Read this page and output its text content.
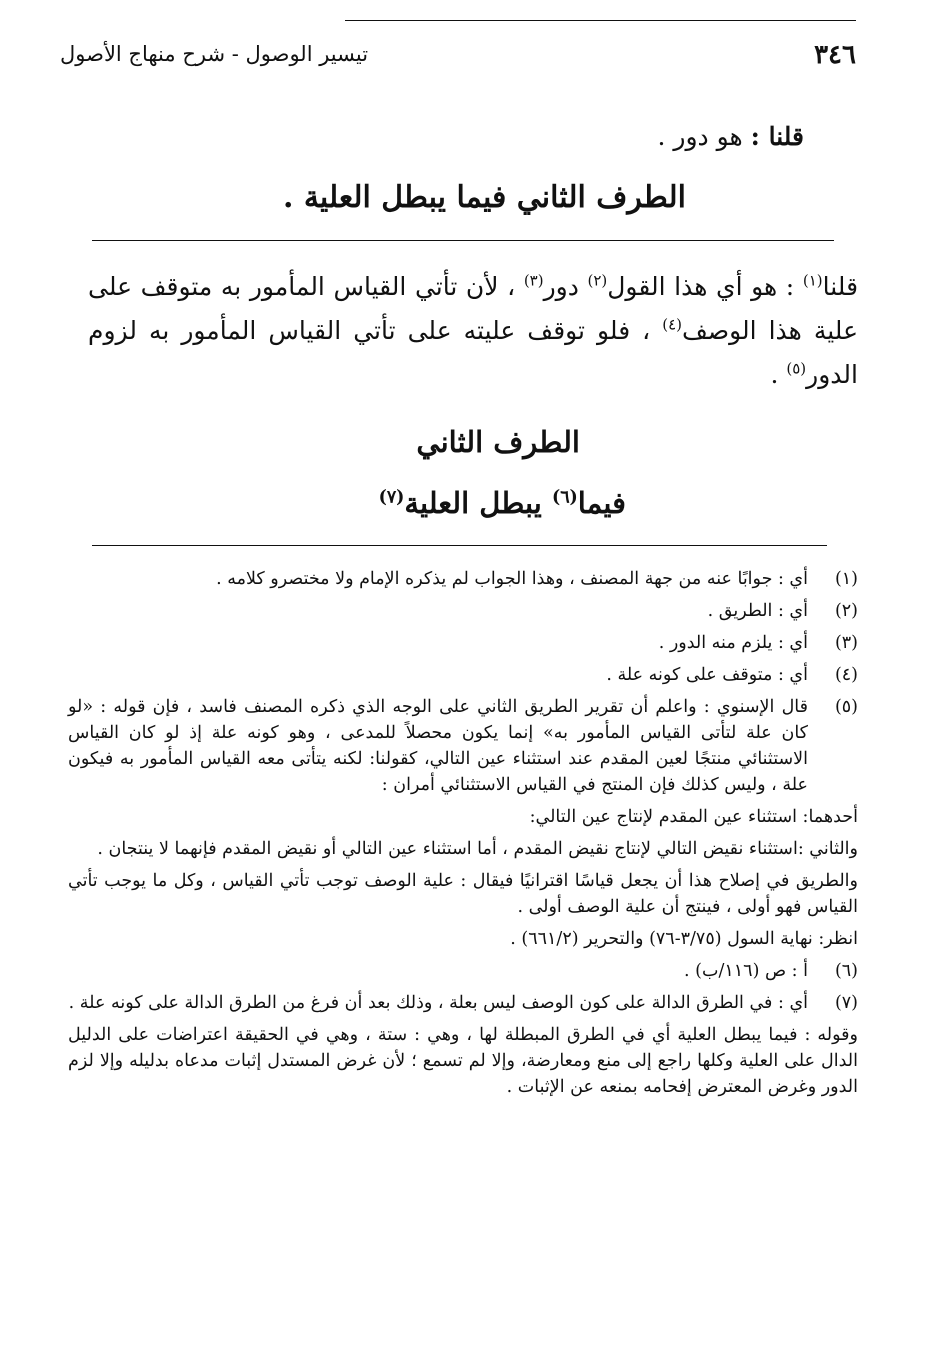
٣٤٦
تيسير الوصول - شرح منهاج الأصول
قلنا : هو دور .
الطرف الثاني فيما يبطل العلية .

قلنا$^{(١)}$ : هو أي هذا القول$^{(٢)}$ دور$^{(٣)}$ ، لأن تأتي القياس المأمور به متوقف على علية هذا الوصف$^{(٤)}$ ، فلو توقف عليته على تأتي القياس المأمور به لزوم الدور$^{(٥)}$ .

الطرف الثاني
فيما$^{(٦)}$ يبطل العلية$^{(٧)}$
(١)

أي : جوابًا عنه من جهة المصنف ، وهذا الجواب لم يذكره الإمام ولا مختصرو كلامه .

(٢)

أي : الطريق .

(٣)

أي : يلزم منه الدور .

(٤)

أي : متوقف على كونه علة .

(٥)

قال الإسنوي : واعلم أن تقرير الطريق الثاني على الوجه الذي ذكره المصنف فاسد ، فإن قوله : «لو كان علة لتأتى القياس المأمور به» إنما يكون محصلاً للمدعى ، وهو كونه علة إذ لو كان القياس الاستثنائي منتجًا لعين المقدم عند استثناء عين التالي، كقولنا: لكنه يتأتى معه القياس المأمور به فيكون علة ، وليس كذلك فإن المنتج في القياس الاستثنائي أمران :

أحدهما: استثناء عين المقدم لإنتاج عين التالي:

والثاني :استثناء نقيض التالي لإنتاج نقيض المقدم ، أما استثناء عين التالي أو نقيض المقدم فإنهما لا ينتجان .

والطريق في إصلاح هذا أن يجعل قياسًا اقترانيًا فيقال : علية الوصف توجب تأتي القياس ، وكل ما يوجب تأتي القياس فهو أولى ، فينتج أن علية الوصف أولى .

انظر: نهاية السول (٣/٧٥-٧٦) والتحرير (٦٦١/٢) .

(٦)

أ : ص (١١٦/ب) .

(٧)

أي : في الطرق الدالة على كون الوصف ليس بعلة ، وذلك بعد أن فرغ من الطرق الدالة على كونه علة .

وقوله : فيما يبطل العلية أي في الطرق المبطلة لها ، وهي : ستة ، وهي في الحقيقة اعتراضات على الدليل الدال على العلية وكلها راجع إلى منع ومعارضة، وإلا لم تسمع ؛ لأن غرض المستدل إثبات مدعاه بدليله وإلا لزم الدور وغرض المعترض إفحامه بمنعه عن الإثبات .
